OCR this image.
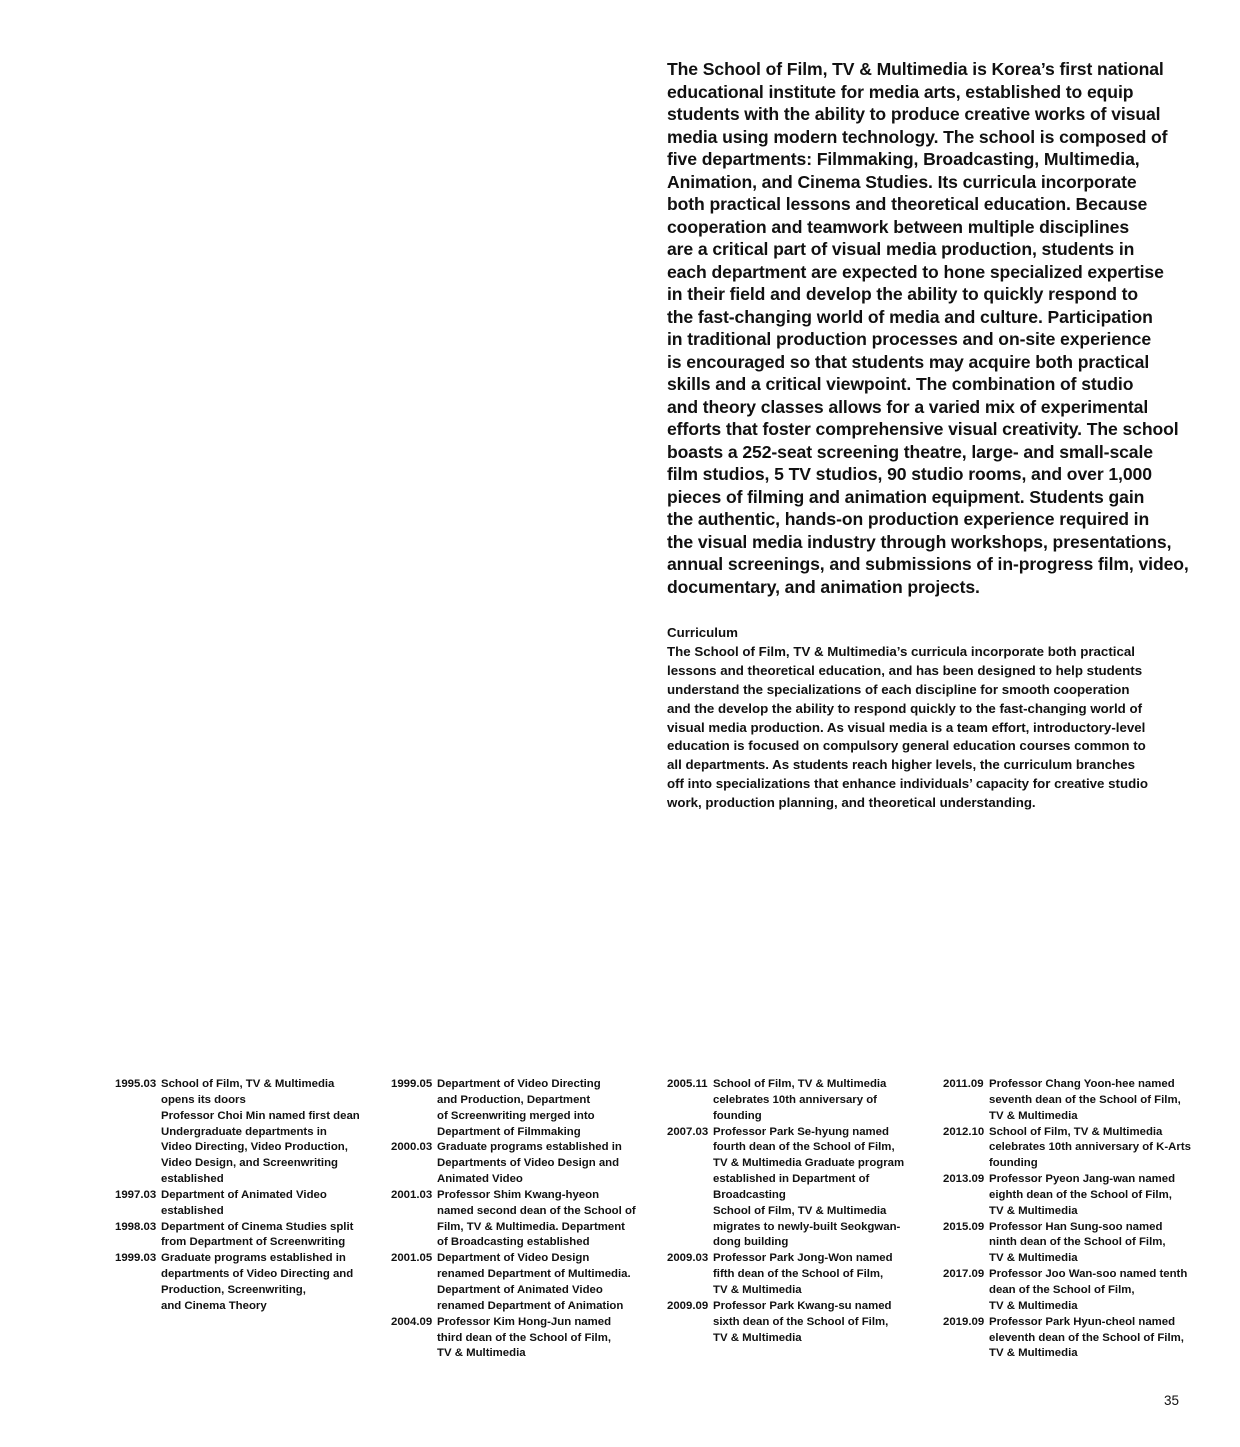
The School of Film, TV & Multimedia is Korea’s first national
educational institute for media arts, established to equip
students with the ability to produce creative works of visual
media using modern technology. The school is composed of
five departments: Filmmaking, Broadcasting, Multimedia,
Animation, and Cinema Studies. Its curricula incorporate
both practical lessons and theoretical education. Because
cooperation and teamwork between multiple disciplines
are a critical part of visual media production, students in
each department are expected to hone specialized expertise
in their field and develop the ability to quickly respond to
the fast-changing world of media and culture. Participation
in traditional production processes and on-site experience
is encouraged so that students may acquire both practical
skills and a critical viewpoint. The combination of studio
and theory classes allows for a varied mix of experimental
efforts that foster comprehensive visual creativity. The school
boasts a 252-seat screening theatre, large- and small-scale
film studios, 5 TV studios, 90 studio rooms, and over 1,000
pieces of filming and animation equipment. Students gain
the authentic, hands-on production experience required in
the visual media industry through workshops, presentations,
annual screenings, and submissions of in-progress film, video,
documentary, and animation projects.

Curriculum

The School of Film, TV & Multimedia’s curricula incorporate both practical
lessons and theoretical education, and has been designed to help students
understand the specializations of each discipline for smooth cooperation
and the develop the ability to respond quickly to the fast-changing world of
visual media production. As visual media is a team effort, introductory-level
education is focused on compulsory general education courses common to
all departments. As students reach higher levels, the curriculum branches
off into specializations that enhance individuals’ capacity for creative studio
work, production planning, and theoretical understanding.

1995.03 School of Film, TV & Multimedia
opens its doors
Professor Choi Min named first dean
Undergraduate departments in
Video Directing, Video Production,
Video Design, and Screenwriting
established
1997.03 Department of Animated Video
established
1998.03 Department of Cinema Studies split
from Department of Screenwriting
1999.03 Graduate programs established in
departments of Video Directing and
Production, Screenwriting,
and Cinema Theory
1999.05 Department of Video Directing
and Production, Department
of Screenwriting merged into
Department of Filmmaking
2000.03 Graduate programs established in
Departments of Video Design and
Animated Video
2001.03 Professor Shim Kwang-hyeon
named second dean of the School of
Film, TV & Multimedia. Department
of Broadcasting established
2001.05 Department of Video Design
renamed Department of Multimedia.
Department of Animated Video
renamed Department of Animation
2004.09 Professor Kim Hong-Jun named
third dean of the School of Film,
TV & Multimedia
2005.11 School of Film, TV & Multimedia
celebrates 10th anniversary of
founding
2007.03 Professor Park Se-hyung named
fourth dean of the School of Film,
TV & Multimedia Graduate program
established in Department of
Broadcasting
School of Film, TV & Multimedia
migrates to newly-built Seokgwan-
dong building
2009.03 Professor Park Jong-Won named
fifth dean of the School of Film,
TV & Multimedia
2009.09 Professor Park Kwang-su named
sixth dean of the School of Film,
TV & Multimedia
2011.09 Professor Chang Yoon-hee named
seventh dean of the School of Film,
TV & Multimedia
2012.10 School of Film, TV & Multimedia
celebrates 10th anniversary of K-Arts
founding
2013.09 Professor Pyeon Jang-wan named
eighth dean of the School of Film,
TV & Multimedia
2015.09 Professor Han Sung-soo named
ninth dean of the School of Film,
TV & Multimedia
2017.09 Professor Joo Wan-soo named tenth
dean of the School of Film,
TV & Multimedia
2019.09 Professor Park Hyun-cheol named
eleventh dean of the School of Film,
TV & Multimedia
35
